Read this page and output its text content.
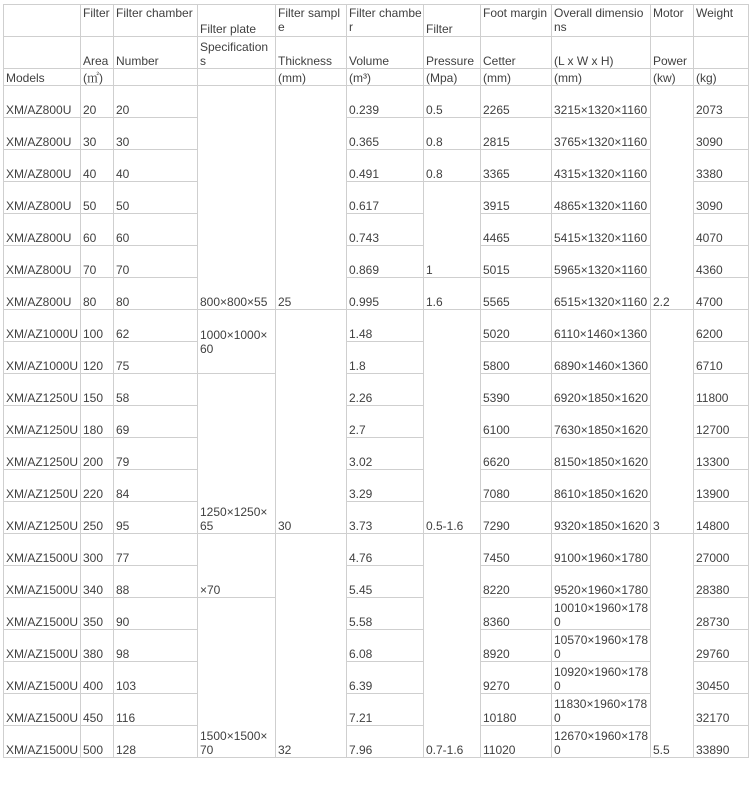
	Filter	Filter chamber	Filter plate	Filter sample	Filter chamber	Filter	Foot margin	Overall dimensions	Motor	Weight
	Area	Number	Specifications	Thickness	Volume	Pressure	Cetter	(L x W x H)	Power	
Models	(㎡)			(mm)	(m³)	(Mpa)	(mm)	(mm)	(kw)	(kg)
XM/AZ800U	20	20	800×800×55	25	0.239	0.5	2265	3215×1320×1160	2.2	2073
XM/AZ800U	30	30			0.365	0.8	2815	3765×1320×1160		3090
XM/AZ800U	40	40			0.491	0.8	3365	4315×1320×1160		3380
XM/AZ800U	50	50			0.617	1	3915	4865×1320×1160		3090
XM/AZ800U	60	60			0.743		4465	5415×1320×1160		4070
XM/AZ800U	70	70			0.869		5015	5965×1320×1160		4360
XM/AZ800U	80	80			0.995	1.6	5565	6515×1320×1160		4700
XM/AZ1000U	100	62	1000×1000×60	30	1.48	0.5-1.6	5020	6110×1460×1360	3	6200
XM/AZ1000U	120	75			1.8		5800	6890×1460×1360		6710
XM/AZ1250U	150	58	1250×1250×65		2.26		5390	6920×1850×1620		11800
XM/AZ1250U	180	69			2.7		6100	7630×1850×1620		12700
XM/AZ1250U	200	79			3.02		6620	8150×1850×1620		13300
XM/AZ1250U	220	84			3.29		7080	8610×1850×1620		13900
XM/AZ1250U	250	95			3.73		7290	9320×1850×1620		14800
XM/AZ1500U	300	77	×70	32	4.76	0.7-1.6	7450	9100×1960×1780	5.5	27000
XM/AZ1500U	340	88			5.45		8220	9520×1960×1780		28380
XM/AZ1500U	350	90	1500×1500×70		5.58		8360	10010×1960×1780		28730
XM/AZ1500U	380	98			6.08		8920	10570×1960×1780		29760
XM/AZ1500U	400	103			6.39		9270	10920×1960×1780		30450
XM/AZ1500U	450	116			7.21		10180	11830×1960×1780		32170
XM/AZ1500U	500	128			7.96		11020	12670×1960×1780		33890
